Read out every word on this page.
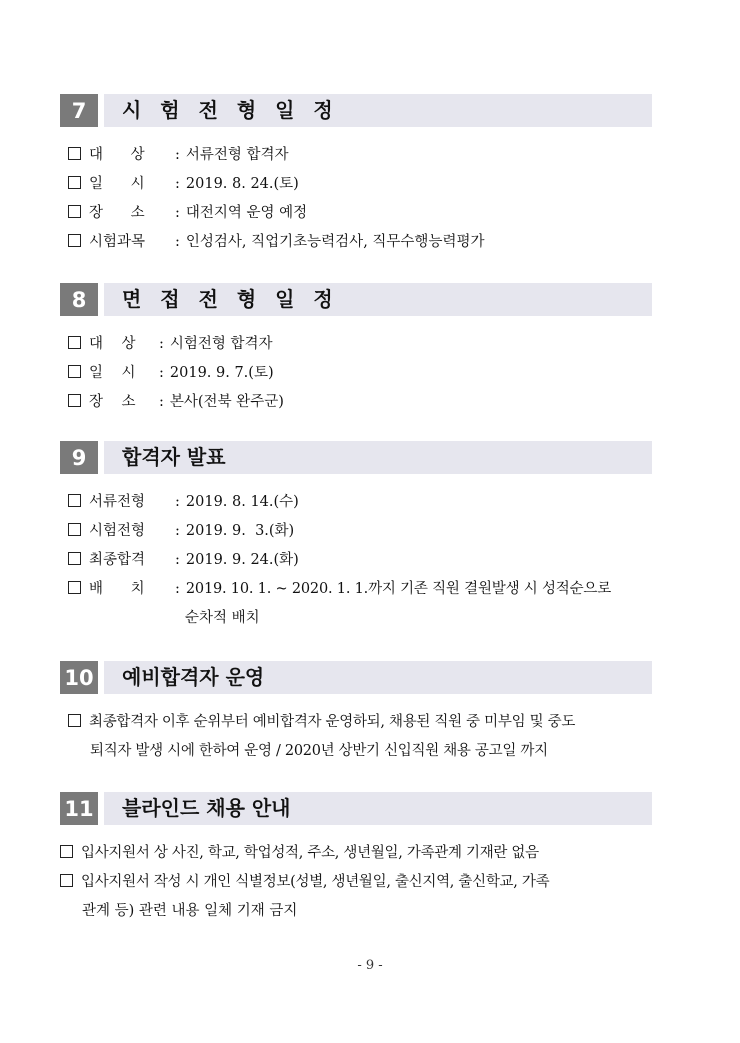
7	시 험 전 형 일 정
대      상 : 서류전형 합격자
일      시 : 2019. 8. 24.(토)
장      소 : 대전지역 운영 예정
시험과목 : 인성검사, 직업기초능력검사, 직무수행능력평가
8	면 접 전 형 일 정
대    상 : 시험전형 합격자
일    시 : 2019. 9. 7.(토)
장    소 : 본사(전북 완주군)
9	합격자 발표
서류전형 : 2019. 8. 14.(수)
시험전형 : 2019. 9.  3.(화)
최종합격 : 2019. 9. 24.(화)
배      치 : 2019. 10. 1. ~ 2020. 1. 1.까지 기존 직원 결원발생 시 성적순으로
순차적 배치
10 예비합격자 운영
최종합격자 이후 순위부터 예비합격자 운영하되, 채용된 직원 중 미부임 및 중도
퇴직자 발생 시에 한하여 운영 / 2020년 상반기 신입직원 채용 공고일 까지
11 블라인드 채용 안내
입사지원서 상 사진, 학교, 학업성적, 주소, 생년월일, 가족관계 기재란 없음
입사지원서 작성 시 개인 식별정보(성별, 생년월일, 출신지역, 출신학교, 가족
관계 등) 관련 내용 일체 기재 금지
- 9 -
